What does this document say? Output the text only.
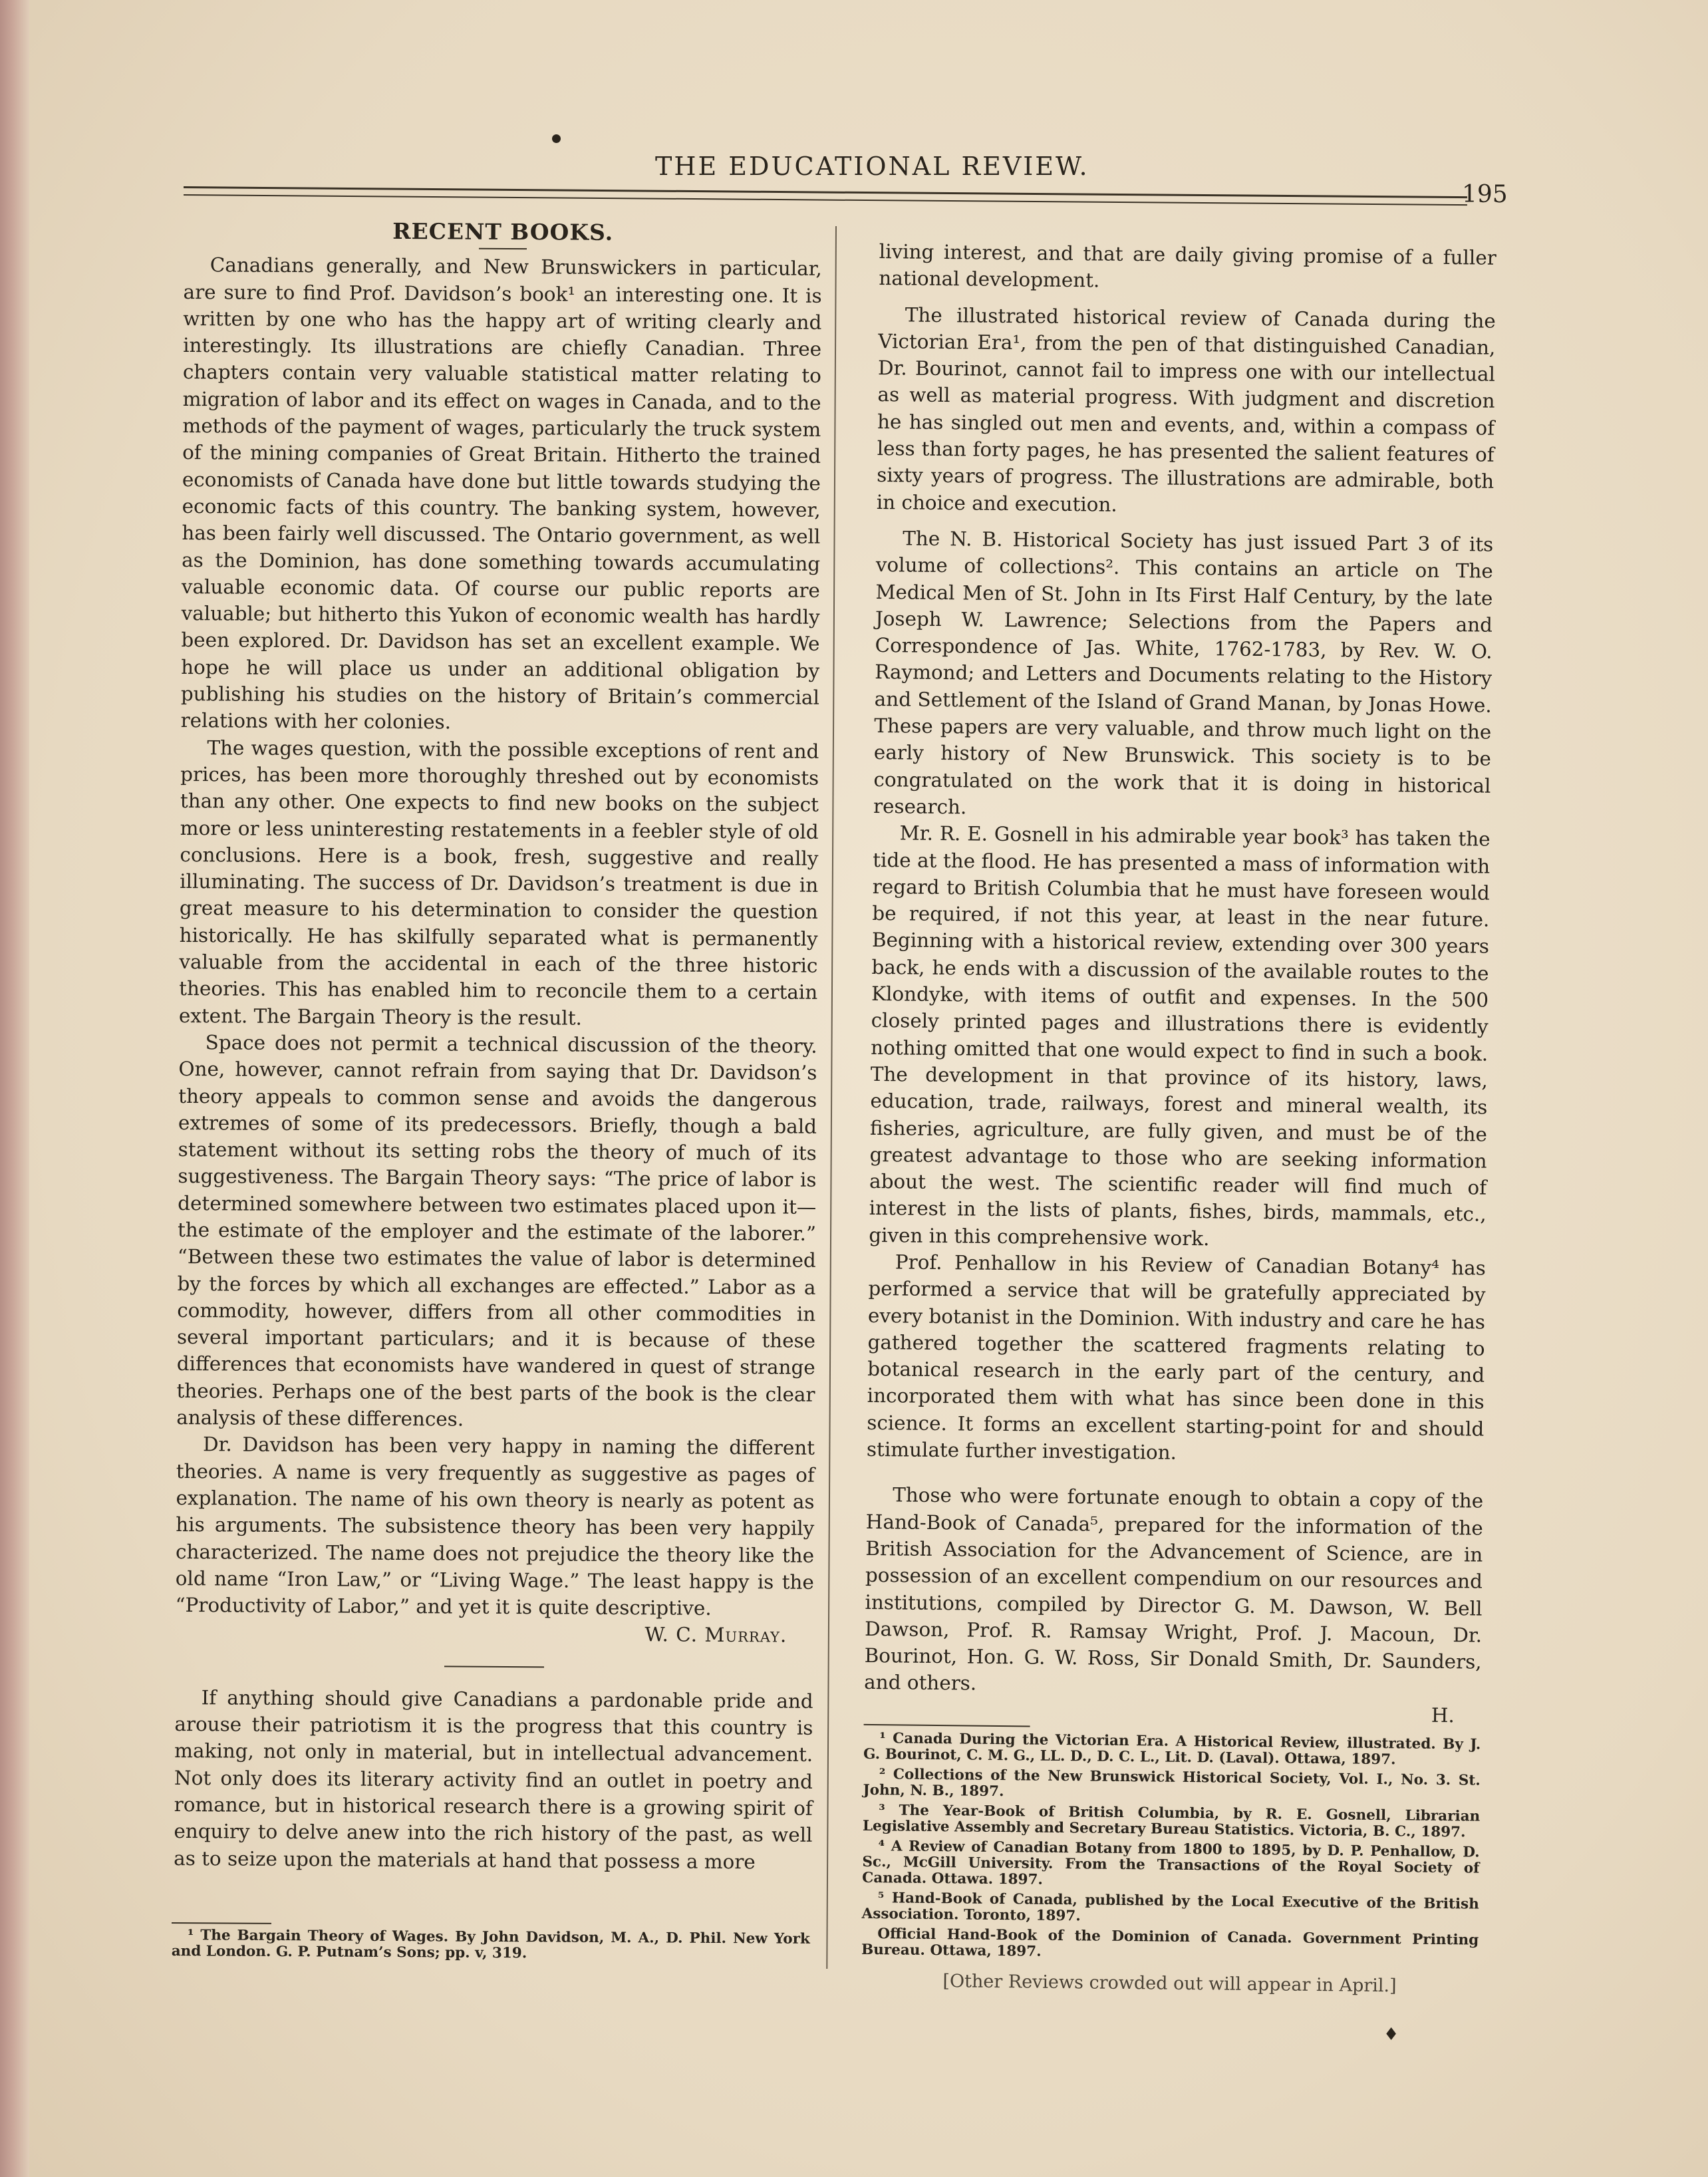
THE EDUCATIONAL REVIEW.
195
RECENT BOOKS.

Canadians generally, and New Brunswickers in particular, are sure to find Prof. Davidson’s book¹ an interesting one. It is written by one who has the happy art of writing clearly and interestingly. Its illustrations are chiefly Canadian. Three chapters contain very valuable statistical matter relating to migration of labor and its effect on wages in Canada, and to the methods of the payment of wages, particularly the truck system of the mining companies of Great Britain. Hitherto the trained economists of Canada have done but little towards studying the economic facts of this country. The banking system, however, has been fairly well discussed. The Ontario government, as well as the Dominion, has done something towards accumulating valuable economic data. Of course our public reports are valuable; but hitherto this Yukon of economic wealth has hardly been explored. Dr. Davidson has set an excellent example. We hope he will place us under an additional obligation by publishing his studies on the history of Britain’s commercial relations with her colonies.

The wages question, with the possible exceptions of rent and prices, has been more thoroughly threshed out by economists than any other. One expects to find new books on the subject more or less uninteresting restatements in a feebler style of old conclusions. Here is a book, fresh, suggestive and really illuminating. The success of Dr. Davidson’s treatment is due in great measure to his determination to consider the question historically. He has skilfully separated what is permanently valuable from the accidental in each of the three historic theories. This has enabled him to reconcile them to a certain extent. The Bargain Theory is the result.

Space does not permit a technical discussion of the theory. One, however, cannot refrain from saying that Dr. Davidson’s theory appeals to common sense and avoids the dangerous extremes of some of its predecessors. Briefly, though a bald statement without its setting robs the theory of much of its suggestiveness. The Bargain Theory says: “The price of labor is determined somewhere between two estimates placed upon it—the estimate of the employer and the estimate of the laborer.” “Between these two estimates the value of labor is determined by the forces by which all exchanges are effected.” Labor as a commodity, however, differs from all other commodities in several important particulars; and it is because of these differences that economists have wandered in quest of strange theories. Perhaps one of the best parts of the book is the clear analysis of these differences.

Dr. Davidson has been very happy in naming the different theories. A name is very frequently as suggestive as pages of explanation. The name of his own theory is nearly as potent as his arguments. The subsistence theory has been very happily characterized. The name does not prejudice the theory like the old name “Iron Law,” or “Living Wage.” The least happy is the “Productivity of Labor,” and yet it is quite descriptive.

W. C. Murray.

If anything should give Canadians a pardonable pride and arouse their patriotism it is the progress that this country is making, not only in material, but in intellectual advancement. Not only does its literary activity find an outlet in poetry and romance, but in historical research there is a growing spirit of enquiry to delve anew into the rich history of the past, as well as to seize upon the materials at hand that possess a more

¹ The Bargain Theory of Wages. By John Davidson, M. A., D. Phil. New York and London. G. P. Putnam’s Sons; pp. v, 319.

living interest, and that are daily giving promise of a fuller national development.

The illustrated historical review of Canada during the Victorian Era¹, from the pen of that distinguished Canadian, Dr. Bourinot, cannot fail to impress one with our intellectual as well as material progress. With judgment and discretion he has singled out men and events, and, within a compass of less than forty pages, he has presented the salient features of sixty years of progress. The illustrations are admirable, both in choice and execution.

The N. B. Historical Society has just issued Part 3 of its volume of collections². This contains an article on The Medical Men of St. John in Its First Half Century, by the late Joseph W. Lawrence; Selections from the Papers and Correspondence of Jas. White, 1762-1783, by Rev. W. O. Raymond; and Letters and Documents relating to the History and Settlement of the Island of Grand Manan, by Jonas Howe. These papers are very valuable, and throw much light on the early history of New Brunswick. This society is to be congratulated on the work that it is doing in historical research.

Mr. R. E. Gosnell in his admirable year book³ has taken the tide at the flood. He has presented a mass of information with regard to British Columbia that he must have foreseen would be required, if not this year, at least in the near future. Beginning with a historical review, extending over 300 years back, he ends with a discussion of the available routes to the Klondyke, with items of outfit and expenses. In the 500 closely printed pages and illustrations there is evidently nothing omitted that one would expect to find in such a book. The development in that province of its history, laws, education, trade, railways, forest and mineral wealth, its fisheries, agriculture, are fully given, and must be of the greatest advantage to those who are seeking information about the west. The scientific reader will find much of interest in the lists of plants, fishes, birds, mammals, etc., given in this comprehensive work.

Prof. Penhallow in his Review of Canadian Botany⁴ has performed a service that will be gratefully appreciated by every botanist in the Dominion. With industry and care he has gathered together the scattered fragments relating to botanical research in the early part of the century, and incorporated them with what has since been done in this science. It forms an excellent starting-point for and should stimulate further investigation.

Those who were fortunate enough to obtain a copy of the Hand-Book of Canada⁵, prepared for the information of the British Association for the Advancement of Science, are in possession of an excellent compendium on our resources and institutions, compiled by Director G. M. Dawson, W. Bell Dawson, Prof. R. Ramsay Wright, Prof. J. Macoun, Dr. Bourinot, Hon. G. W. Ross, Sir Donald Smith, Dr. Saunders, and others.

H.
¹ Canada During the Victorian Era. A Historical Review, illustrated. By J. G. Bourinot, C. M. G., LL. D., D. C. L., Lit. D. (Laval). Ottawa, 1897.
² Collections of the New Brunswick Historical Society, Vol. I., No. 3. St. John, N. B., 1897.
³ The Year-Book of British Columbia, by R. E. Gosnell, Librarian Legislative Assembly and Secretary Bureau Statistics. Victoria, B. C., 1897.
⁴ A Review of Canadian Botany from 1800 to 1895, by D. P. Penhallow, D. Sc., McGill University. From the Transactions of the Royal Society of Canada. Ottawa. 1897.
⁵ Hand-Book of Canada, published by the Local Executive of the British Association. Toronto, 1897.
Official Hand-Book of the Dominion of Canada. Government Printing Bureau. Ottawa, 1897.
[Other Reviews crowded out will appear in April.]
♦
